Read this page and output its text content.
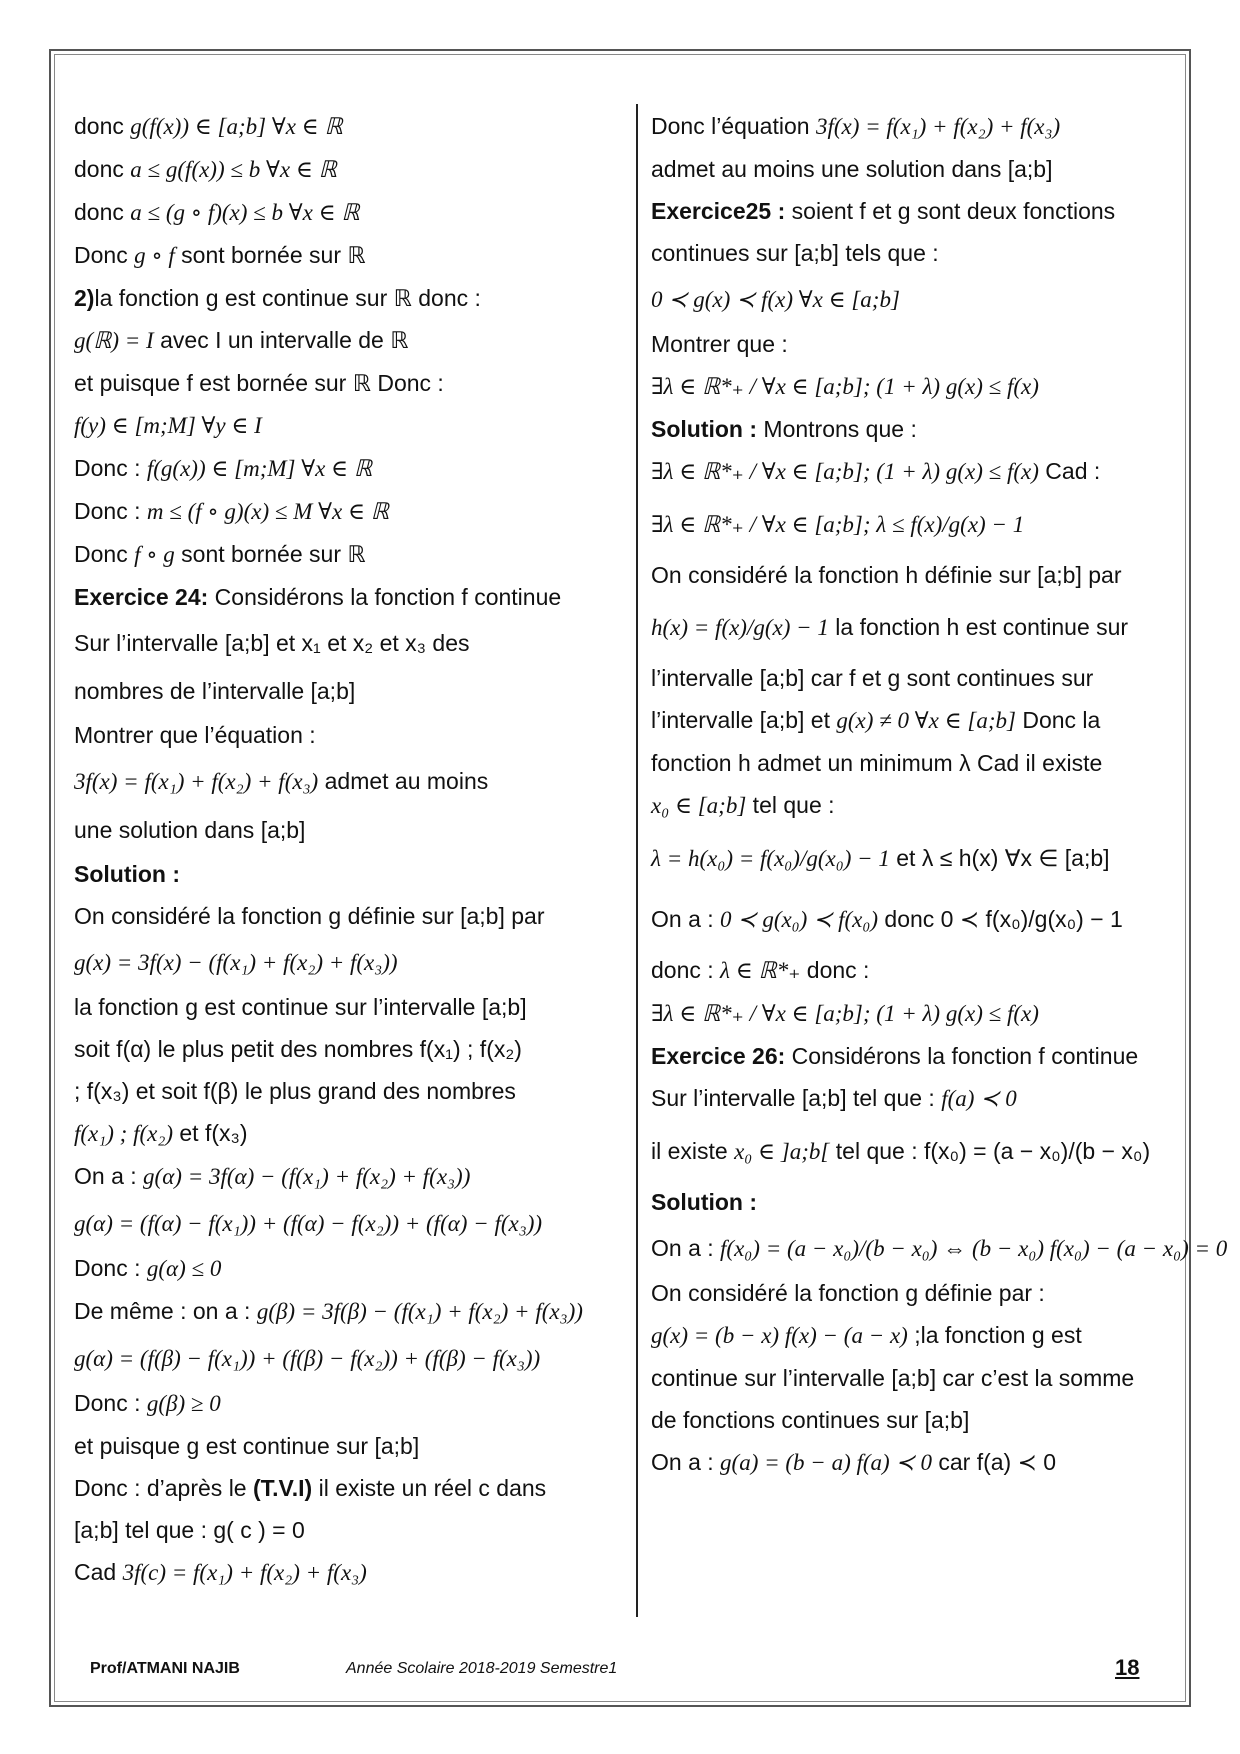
donc g(f(x)) ∈ [a;b] ∀x ∈ ℝ
donc a ≤ g(f(x)) ≤ b ∀x ∈ ℝ
donc a ≤ (g ∘ f)(x) ≤ b ∀x ∈ ℝ
Donc g ∘ f sont bornée sur ℝ
2)la fonction g est continue sur ℝ donc :
g(ℝ) = I avec I un intervalle de ℝ
et puisque f est bornée sur ℝ Donc :
f(y) ∈ [m;M] ∀y ∈ I
Donc : f(g(x)) ∈ [m;M] ∀x ∈ ℝ
Donc : m ≤ (f ∘ g)(x) ≤ M ∀x ∈ ℝ
Donc f ∘ g sont bornée sur ℝ
Exercice 24: Considérons la fonction f continue
Sur l’intervalle [a;b] et x₁ et x₂ et x₃ des
nombres de l’intervalle [a;b]
Montrer que l’équation :
3f(x) = f(x₁) + f(x₂) + f(x₃) admet au moins
une solution dans [a;b]
Solution :
On considéré la fonction g définie sur [a;b] par
g(x) = 3f(x) − (f(x₁) + f(x₂) + f(x₃))
la fonction g est continue sur l’intervalle [a;b]
soit f(α) le plus petit des nombres f(x₁) ; f(x₂)
; f(x₃) et soit f(β) le plus grand des nombres
f(x₁) ; f(x₂) et f(x₃)
On a : g(α) = 3f(α) − (f(x₁) + f(x₂) + f(x₃))
g(α) = (f(α) − f(x₁)) + (f(α) − f(x₂)) + (f(α) − f(x₃))
Donc : g(α) ≤ 0
De même : on a : g(β) = 3f(β) − (f(x₁) + f(x₂) + f(x₃))
g(α) = (f(β) − f(x₁)) + (f(β) − f(x₂)) + (f(β) − f(x₃))
Donc : g(β) ≥ 0
et puisque g est continue sur [a;b]
Donc : d’après le (T.V.I) il existe un réel c dans
[a;b] tel que : g( c ) = 0
Cad 3f(c) = f(x₁) + f(x₂) + f(x₃)
Donc l’équation 3f(x) = f(x₁) + f(x₂) + f(x₃)
admet au moins une solution dans [a;b]
Exercice25 : soient f et g sont deux fonctions
continues sur [a;b] tels que :
0 ≺ g(x) ≺ f(x) ∀x ∈ [a;b]
Montrer que :
∃λ ∈ ℝ*₊ / ∀x ∈ [a;b]; (1 + λ) g(x) ≤ f(x)
Solution : Montrons que :
∃λ ∈ ℝ*₊ / ∀x ∈ [a;b]; (1 + λ) g(x) ≤ f(x) Cad :
∃λ ∈ ℝ*₊ / ∀x ∈ [a;b]; λ ≤ f(x)/g(x) − 1
On considéré la fonction h définie sur [a;b] par
h(x) = f(x)/g(x) − 1 la fonction h est continue sur
l’intervalle [a;b] car f et g sont continues sur
l’intervalle [a;b] et g(x) ≠ 0 ∀x ∈ [a;b] Donc la
fonction h admet un minimum λ Cad il existe
x₀ ∈ [a;b] tel que :
λ = h(x₀) = f(x₀)/g(x₀) − 1 et λ ≤ h(x) ∀x ∈ [a;b]
On a : 0 ≺ g(x₀) ≺ f(x₀) donc 0 ≺ f(x₀)/g(x₀) − 1
donc : λ ∈ ℝ*₊ donc :
∃λ ∈ ℝ*₊ / ∀x ∈ [a;b]; (1 + λ) g(x) ≤ f(x)
Exercice 26: Considérons la fonction f continue
Sur l’intervalle [a;b] tel que : f(a) ≺ 0
il existe x₀ ∈ ]a;b[ tel que : f(x₀) = (a − x₀)/(b − x₀)
Solution :
On a : f(x₀) = (a − x₀)/(b − x₀) ⇔ (b − x₀) f(x₀) − (a − x₀) = 0
On considéré la fonction g définie par :
g(x) = (b − x) f(x) − (a − x) ;la fonction g est
continue sur l’intervalle [a;b] car c’est la somme
de fonctions continues sur [a;b]
On a : g(a) = (b − a) f(a) ≺ 0 car f(a) ≺ 0
Prof/ATMANI NAJIB	Année Scolaire 2018-2019 Semestre1	18
